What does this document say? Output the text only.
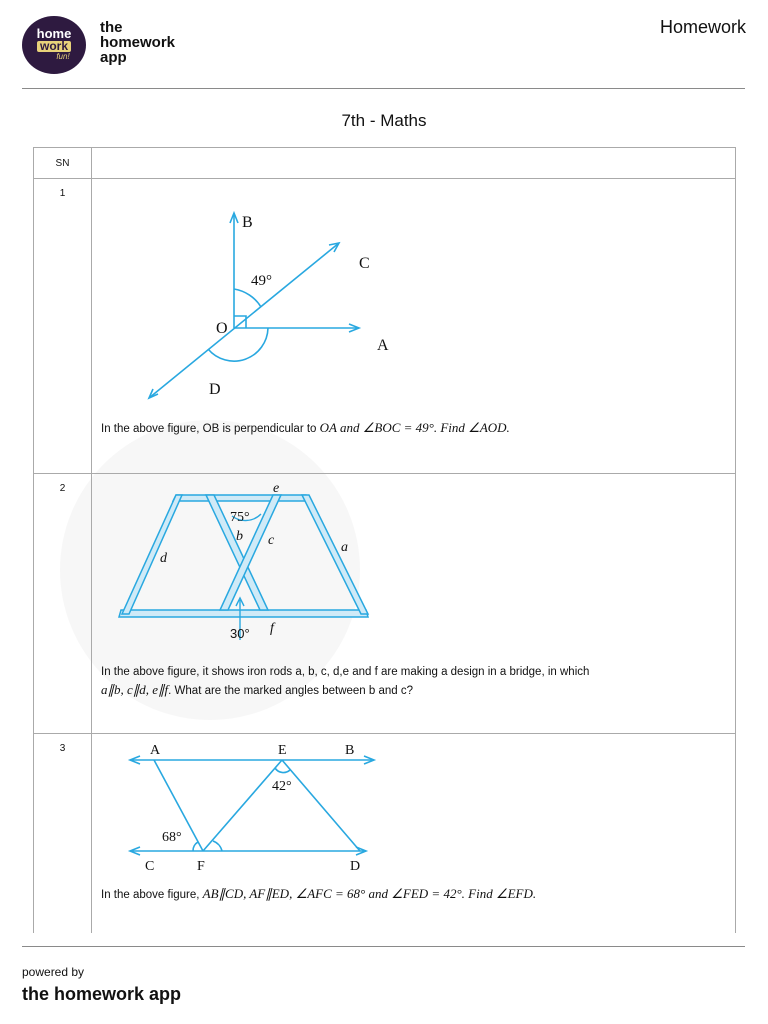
home
work
fun!
the
homework
app
Homework
7th - Maths
SN
1
B
C
49°
O
A
D
In the above figure, OB is perpendicular to OA and ∠BOC = 49°. Find ∠AOD.
2	e
75°
b c
d
a
30° f
In the above figure, it shows iron rods a, b, c, d,e and f are making a design in a bridge, in which
a∥b, c∥d, e∥f. What are the marked angles between b and c?
3	A	E	B
42°
68°
C	F	D
In the above figure, AB∥CD, AF∥ED, ∠AFC = 68° and ∠FED = 42°. Find ∠EFD.
powered by
the homework app
